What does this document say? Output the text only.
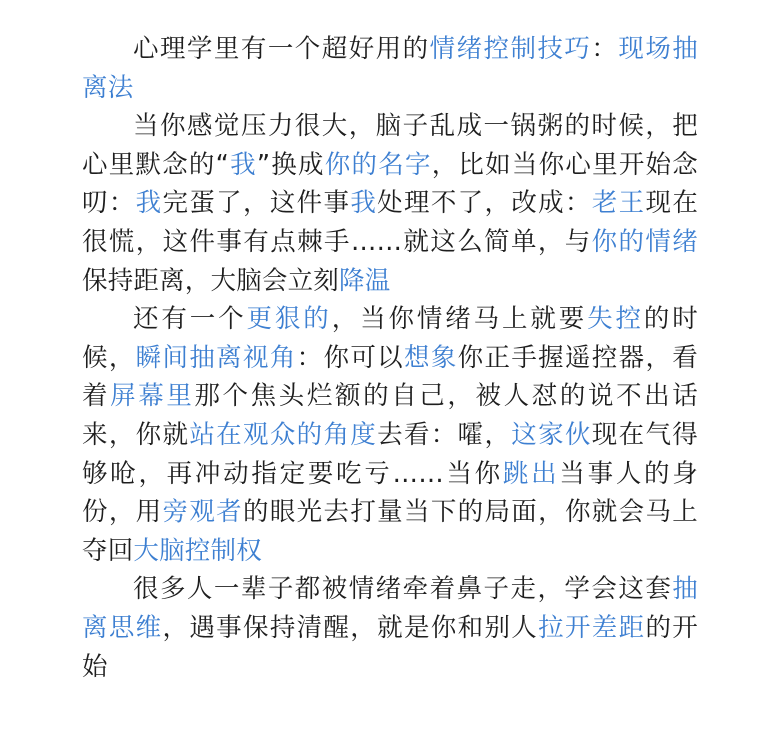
心理学里有一个超好用的情绪控制技巧：现场抽离法

当你感觉压力很大，脑子乱成一锅粥的时候，把心里默念的“我”换成你的名字，比如当你心里开始念叨：我完蛋了，这件事我处理不了，改成：老王现在很慌，这件事有点棘手……就这么简单，与你的情绪保持距离，大脑会立刻降温

还有一个更狠的，当你情绪马上就要失控的时候，瞬间抽离视角：你可以想象你正手握遥控器，看着屏幕里那个焦头烂额的自己，被人怼的说不出话来，你就站在观众的角度去看：嚯，这家伙现在气得够呛，再冲动指定要吃亏……当你跳出当事人的身份，用旁观者的眼光去打量当下的局面，你就会马上夺回大脑控制权

很多人一辈子都被情绪牵着鼻子走，学会这套抽离思维，遇事保持清醒，就是你和别人拉开差距的开始
